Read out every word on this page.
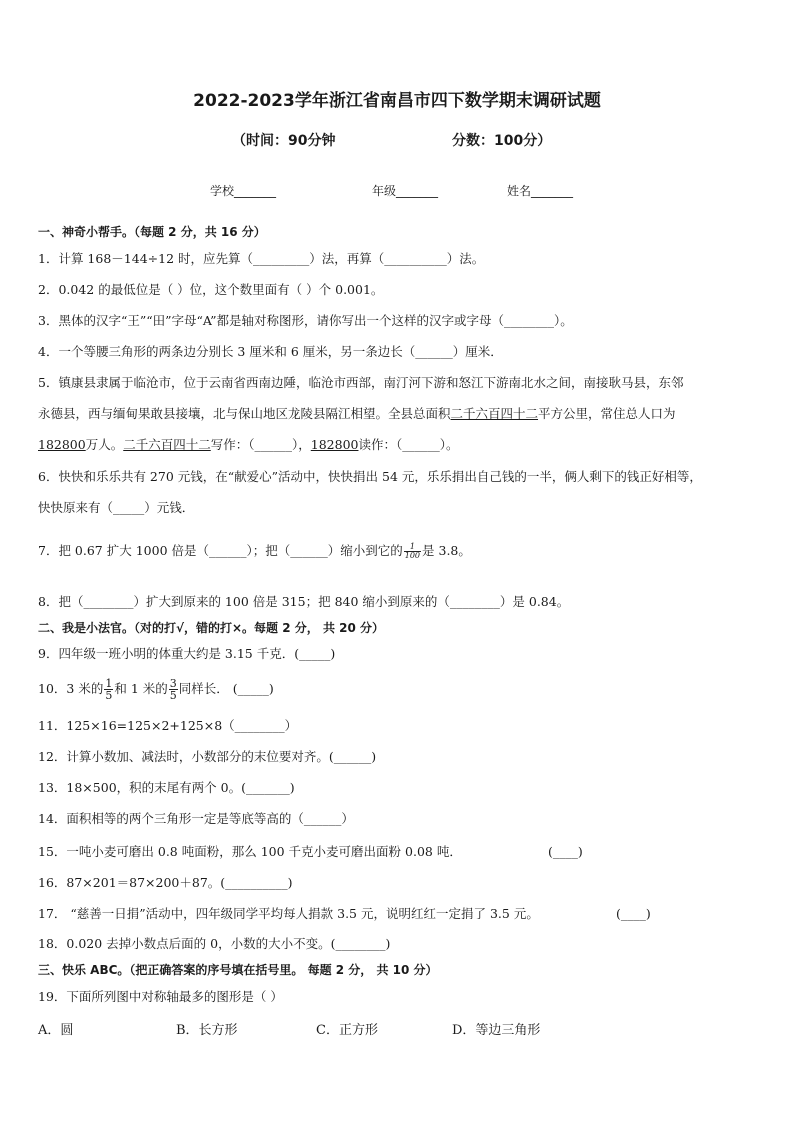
2022-2023学年浙江省南昌市四下数学期末调研试题
（时间：90分钟	分数：100分）
学校_______	年级_______	姓名_______
一、神奇小帮手。（每题 2 分，共 16 分）
1．计算 168－144÷12 时，应先算（_________）法，再算（__________）法。
2．0.042 的最低位是（ ）位，这个数里面有（ ）个 0.001。
3．黑体的汉字“王”“田”字母“A”都是轴对称图形，请你写出一个这样的汉字或字母（________）。
4．一个等腰三角形的两条边分别长 3 厘米和 6 厘米，另一条边长（______）厘米．
5．镇康县隶属于临沧市，位于云南省西南边陲，临沧市西部，南汀河下游和怒江下游南北水之间，南接耿马县，东邻
永德县，西与缅甸果敢县接壤，北与保山地区龙陵县隔江相望。全县总面积二千六百四十二平方公里，常住总人口为
182800万人。二千六百四十二写作：（______），182800读作：（______）。
6．快快和乐乐共有 270 元钱，在“献爱心”活动中，快快捐出 54 元，乐乐捐出自己钱的一半，俩人剩下的钱正好相等，
快快原来有（_____）元钱．
7．把 0.67 扩大 1000 倍是（______）；把（______）缩小到它的 $\frac{1}{100}$ 是 3.8。
8．把（________）扩大到原来的 100 倍是 315；把 840 缩小到原来的（________）是 0.84。
二、我是小法官。（对的打√，错的打×。每题 2 分， 共 20 分）
9．四年级一班小明的体重大约是 3.15 千克．(_____)
10．3 米的 $\frac{1}{5}$ 和 1 米的 $\frac{3}{5}$ 同样长． (_____)
11．125×16=125×2+125×8（________）
12．计算小数加、减法时，小数部分的末位要对齐。(______)
13．18×500，积的末尾有两个 0。(_______)
14．面积相等的两个三角形一定是等底等高的（______）
15．一吨小麦可磨出 0.8 吨面粉，那么 100 千克小麦可磨出面粉 0.08 吨．	(____)
16．87×201＝87×200＋87。(__________)
17． “慈善一日捐”活动中，四年级同学平均每人捐款 3.5 元，说明红红一定捐了 3.5 元。	(____)
18．0.020 去掉小数点后面的 0，小数的大小不变。(________)
三、快乐 ABC。（把正确答案的序号填在括号里。 每题 2 分， 共 10 分）
19．下面所列图中对称轴最多的图形是（ ）
A．圆	B．长方形	C．正方形	D．等边三角形
